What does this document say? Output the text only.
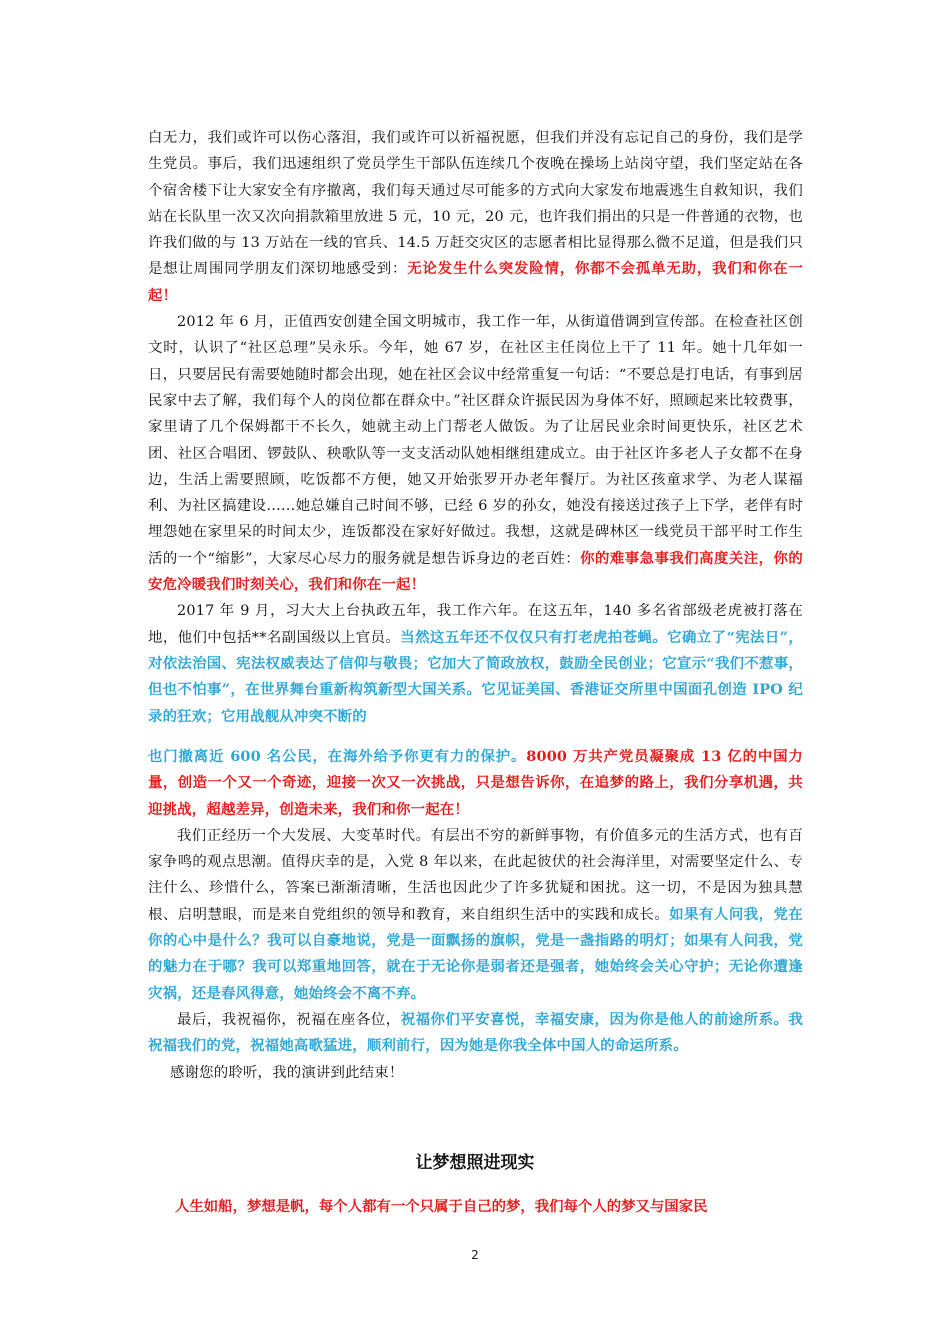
白无力，我们或许可以伤心落泪，我们或许可以祈福祝愿，但我们并没有忘记自己的身份，我们是学生党员。事后，我们迅速组织了党员学生干部队伍连续几个夜晚在操场上站岗守望，我们坚定站在各个宿舍楼下让大家安全有序撤离，我们每天通过尽可能多的方式向大家发布地震逃生自救知识，我们站在长队里一次又次向捐款箱里放进 5 元，10 元，20 元，也许我们捐出的只是一件普通的衣物，也许我们做的与 13 万站在一线的官兵、14.5 万赶交灾区的志愿者相比显得那么微不足道，但是我们只是想让周围同学朋友们深切地感受到：无论发生什么突发险情，你都不会孤单无助，我们和你在一起！

2012 年 6 月，正值西安创建全国文明城市，我工作一年，从街道借调到宣传部。在检查社区创文时，认识了“社区总理”吴永乐。今年，她 67 岁，在社区主任岗位上干了 11 年。她十几年如一日，只要居民有需要她随时都会出现，她在社区会议中经常重复一句话：“不要总是打电话，有事到居民家中去了解，我们每个人的岗位都在群众中。”社区群众许振民因为身体不好，照顾起来比较费事，家里请了几个保姆都干不长久，她就主动上门帮老人做饭。为了让居民业余时间更快乐，社区艺术团、社区合唱团、锣鼓队、秧歌队等一支支活动队她相继组建成立。由于社区许多老人子女都不在身边，生活上需要照顾，吃饭都不方便，她又开始张罗开办老年餐厅。为社区孩童求学、为老人谋福利、为社区搞建设……她总嫌自己时间不够，已经 6 岁的孙女，她没有接送过孩子上下学，老伴有时埋怨她在家里呆的时间太少，连饭都没在家好好做过。我想，这就是碑林区一线党员干部平时工作生活的一个“缩影”，大家尽心尽力的服务就是想告诉身边的老百姓：你的难事急事我们高度关注，你的安危冷暖我们时刻关心，我们和你在一起！

2017 年 9 月，习大大上台执政五年，我工作六年。在这五年，140 多名省部级老虎被打落在地，他们中包括**名副国级以上官员。当然这五年还不仅仅只有打老虎拍苍蝇。它确立了“宪法日”，对依法治国、宪法权威表达了信仰与敬畏；它加大了简政放权，鼓励全民创业；它宣示“我们不惹事，但也不怕事”，在世界舞台重新构筑新型大国关系。它见证美国、香港证交所里中国面孔创造 IPO 纪录的狂欢；它用战舰从冲突不断的

也门撤离近 600 名公民，在海外给予你更有力的保护。8000 万共产党员凝聚成 13 亿的中国力量，创造一个又一个奇迹，迎接一次又一次挑战，只是想告诉你，在追梦的路上，我们分享机遇，共迎挑战，超越差异，创造未来，我们和你一起在！

我们正经历一个大发展、大变革时代。有层出不穷的新鲜事物，有价值多元的生活方式，也有百家争鸣的观点思潮。值得庆幸的是，入党 8 年以来，在此起彼伏的社会海洋里，对需要坚定什么、专注什么、珍惜什么，答案已渐渐清晰，生活也因此少了许多犹疑和困扰。这一切，不是因为独具慧根、启明慧眼，而是来自党组织的领导和教育，来自组织生活中的实践和成长。如果有人问我，党在你的心中是什么？我可以自豪地说，党是一面飘扬的旗帜，党是一盏指路的明灯；如果有人问我，党的魅力在于哪？我可以郑重地回答，就在于无论你是弱者还是强者，她始终会关心守护；无论你遭逢灾祸，还是春风得意，她始终会不离不弃。

最后，我祝福你，祝福在座各位，祝福你们平安喜悦，幸福安康，因为你是他人的前途所系。我祝福我们的党，祝福她高歌猛进，顺利前行，因为她是你我全体中国人的命运所系。

感谢您的聆听，我的演讲到此结束！

让梦想照进现实

人生如船，梦想是帆，每个人都有一个只属于自己的梦，我们每个人的梦又与国家民

2
